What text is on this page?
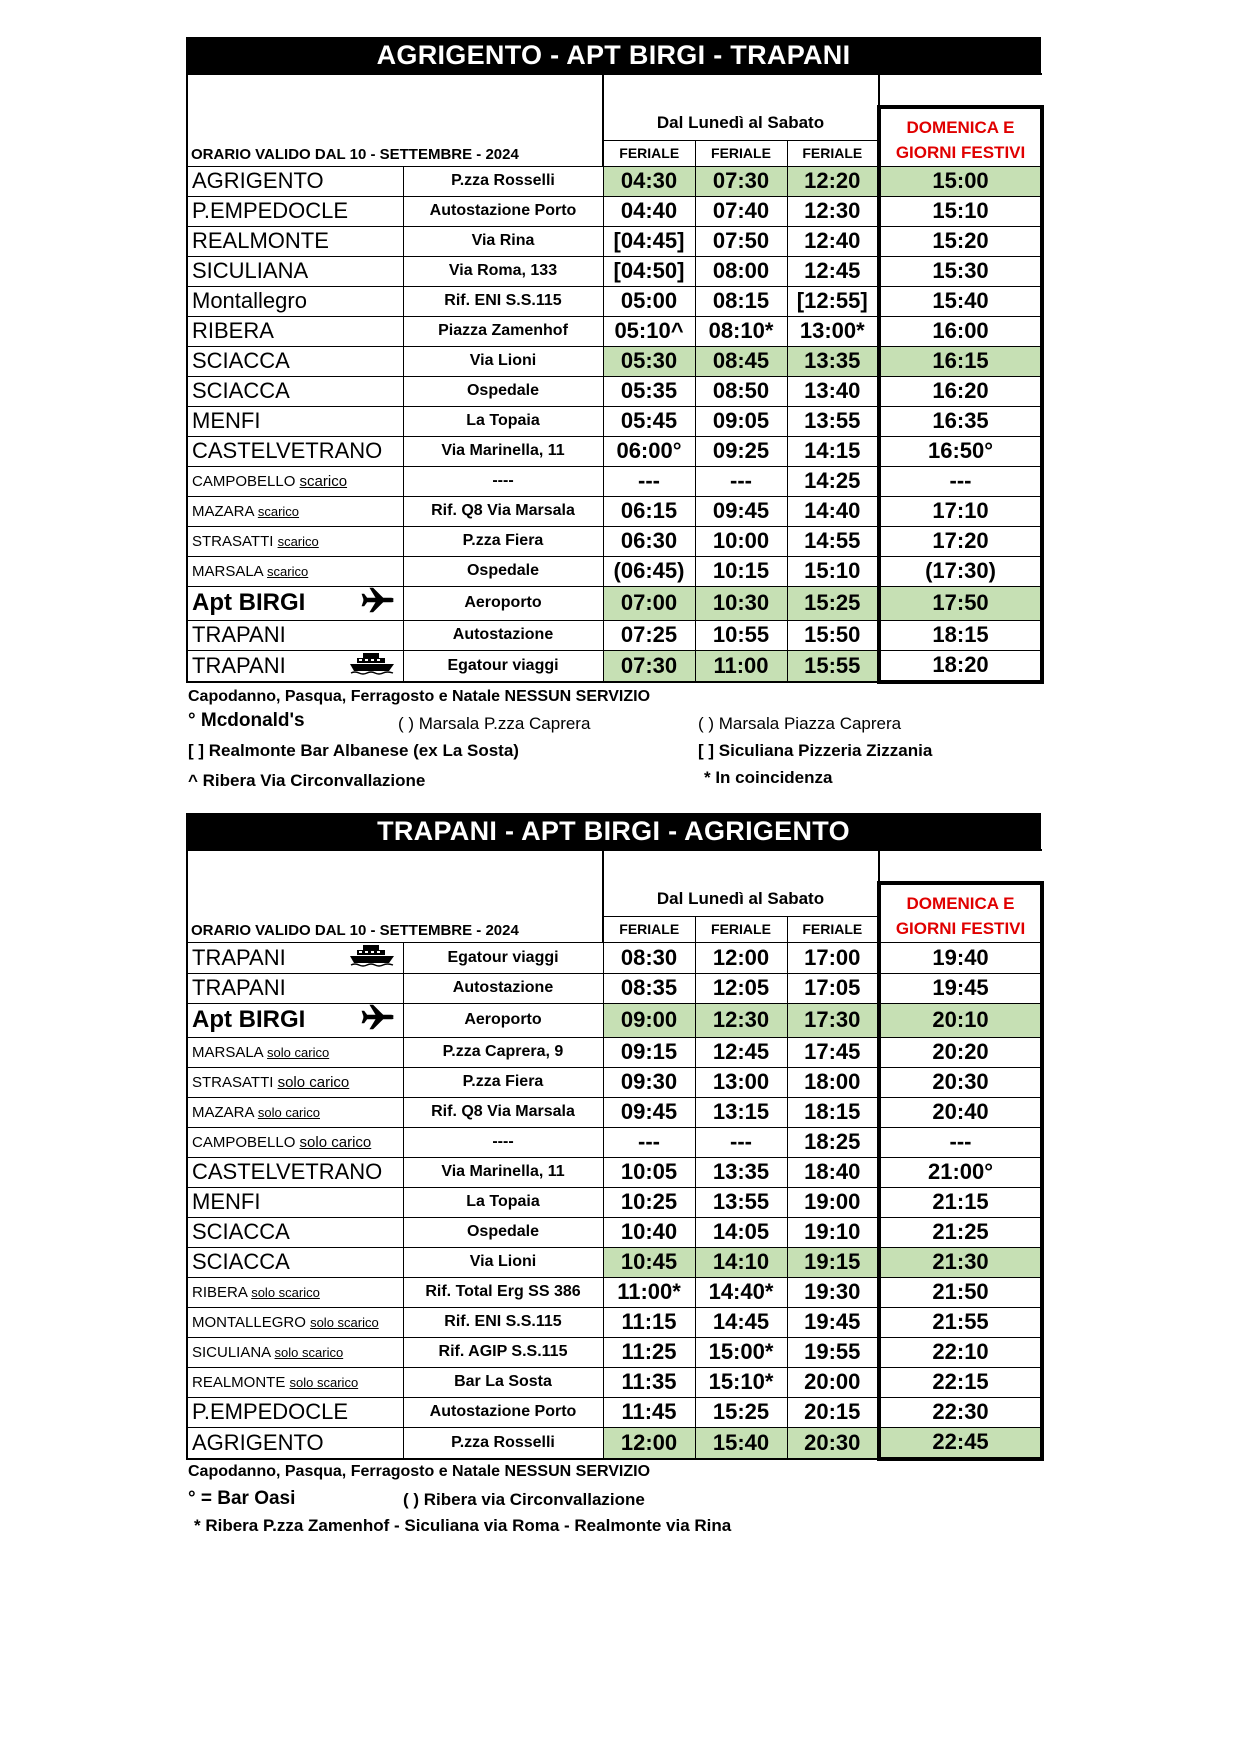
AGRIGENTO - APT BIRGI - TRAPANI
ORARIO VALIDO DAL 10 - SETTEMBRE - 2024					
		Dal Lunedì al Sabato			DOMENICA E
		FERIALE	FERIALE	FERIALE	GIORNI FESTIVI

AGRIGENTO	P.zza Rosselli	04:30	07:30	12:20	15:00

P.EMPEDOCLE	Autostazione Porto	04:40	07:40	12:30	15:10

REALMONTE	Via Rina	[04:45]	07:50	12:40	15:20

SICULIANA	Via Roma, 133	[04:50]	08:00	12:45	15:30

Montallegro	Rif. ENI S.S.115	05:00	08:15	[12:55]	15:40

RIBERA	Piazza Zamenhof	05:10^	08:10*	13:00*	16:00

SCIACCA	Via Lioni	05:30	08:45	13:35	16:15

SCIACCA	Ospedale	05:35	08:50	13:40	16:20

MENFI	La Topaia	05:45	09:05	13:55	16:35

CASTELVETRANO	Via Marinella, 11	06:00°	09:25	14:15	16:50°

CAMPOBELLO scarico	----	---	---	14:25	---

MAZARA scarico	Rif. Q8 Via Marsala	06:15	09:45	14:40	17:10

STRASATTI scarico	P.zza Fiera	06:30	10:00	14:55	17:20

MARSALA scarico	Ospedale	(06:45)	10:15	15:10	(17:30)

Apt BIRGI	Aeroporto	07:00	10:30	15:25	17:50

TRAPANI	Autostazione	07:25	10:55	15:50	18:15

TRAPANI	Egatour viaggi	07:30	11:00	15:55	18:20
Capodanno, Pasqua, Ferragosto e Natale NESSUN SERVIZIO
° Mcdonald's	( ) Marsala P.zza Caprera	( ) Marsala Piazza Caprera
[ ] Realmonte Bar Albanese (ex La Sosta)	[ ] Siculiana Pizzeria Zizzania
^ Ribera Via Circonvallazione	* In coincidenza
TRAPANI - APT BIRGI - AGRIGENTO
ORARIO VALIDO DAL 10 - SETTEMBRE - 2024					
		Dal Lunedì al Sabato			DOMENICA E
		FERIALE	FERIALE	FERIALE	GIORNI FESTIVI

TRAPANI	Egatour viaggi	08:30	12:00	17:00	19:40

TRAPANI	Autostazione	08:35	12:05	17:05	19:45

Apt BIRGI	Aeroporto	09:00	12:30	17:30	20:10

MARSALA solo carico	P.zza Caprera, 9	09:15	12:45	17:45	20:20

STRASATTI solo carico	P.zza Fiera	09:30	13:00	18:00	20:30

MAZARA solo carico	Rif. Q8 Via Marsala	09:45	13:15	18:15	20:40

CAMPOBELLO solo carico	----	---	---	18:25	---

CASTELVETRANO	Via Marinella, 11	10:05	13:35	18:40	21:00°

MENFI	La Topaia	10:25	13:55	19:00	21:15

SCIACCA	Ospedale	10:40	14:05	19:10	21:25

SCIACCA	Via Lioni	10:45	14:10	19:15	21:30

RIBERA solo scarico	Rif. Total Erg SS 386	11:00*	14:40*	19:30	21:50

MONTALLEGRO solo scarico	Rif. ENI S.S.115	11:15	14:45	19:45	21:55

SICULIANA solo scarico	Rif. AGIP S.S.115	11:25	15:00*	19:55	22:10

REALMONTE solo scarico	Bar La Sosta	11:35	15:10*	20:00	22:15

P.EMPEDOCLE	Autostazione Porto	11:45	15:25	20:15	22:30

AGRIGENTO	P.zza Rosselli	12:00	15:40	20:30	22:45
Capodanno, Pasqua, Ferragosto e Natale NESSUN SERVIZIO
° = Bar Oasi	( ) Ribera via Circonvallazione
* Ribera P.zza Zamenhof - Siculiana via Roma - Realmonte via Rina
